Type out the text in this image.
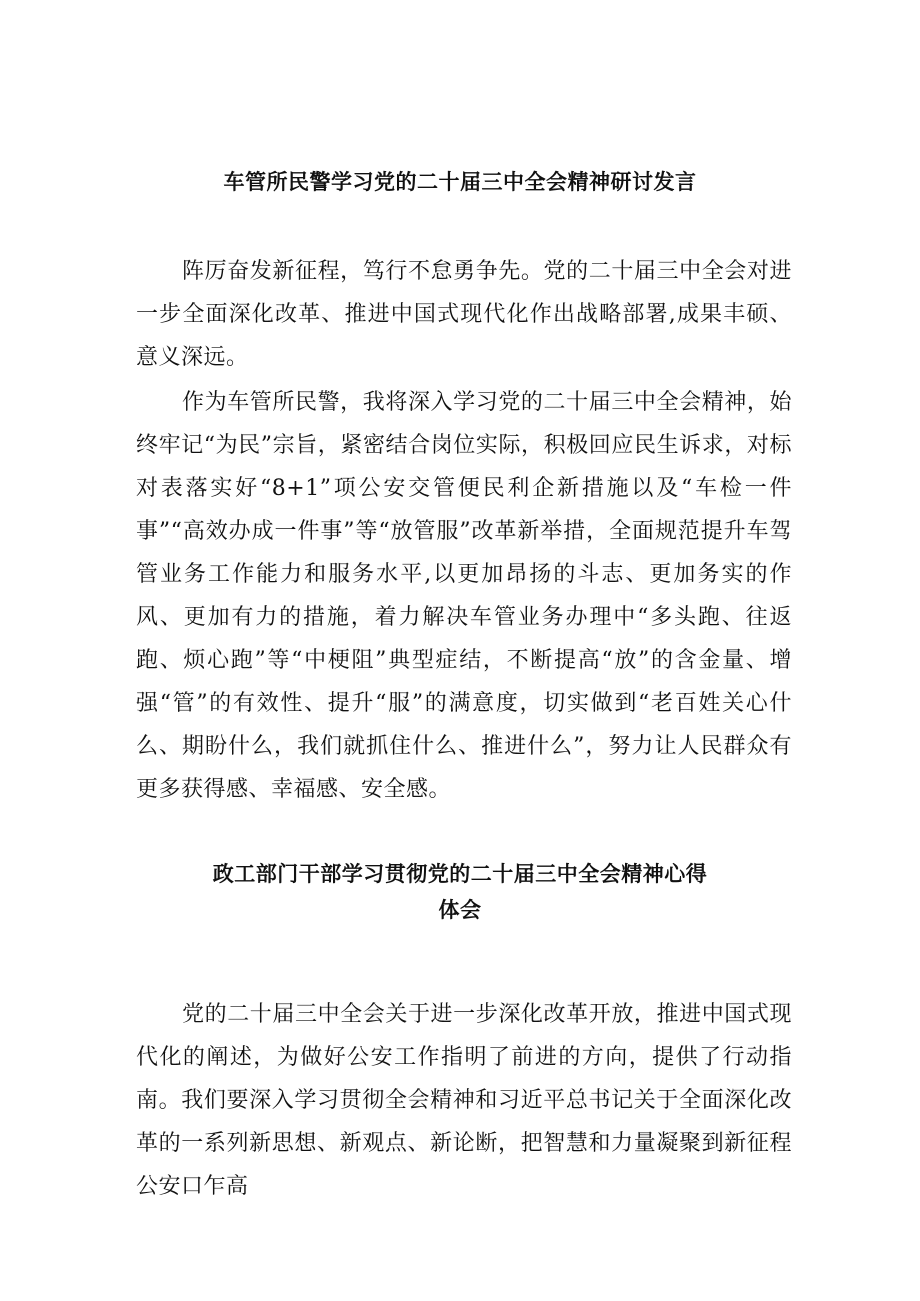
车管所民警学习党的二十届三中全会精神研讨发言

阵厉奋发新征程，笃行不怠勇争先。党的二十届三中全会对进一步全面深化改革、推进中国式现代化作出战略部署,成果丰硕、意义深远。

作为车管所民警，我将深入学习党的二十届三中全会精神，始终牢记“为民”宗旨，紧密结合岗位实际，积极回应民生诉求，对标对表落实好“8+1”项公安交管便民利企新措施以及“车检一件事”“高效办成一件事”等“放管服”改革新举措，全面规范提升车驾管业务工作能力和服务水平,以更加昂扬的斗志、更加务实的作风、更加有力的措施，着力解决车管业务办理中“多头跑、往返跑、烦心跑”等“中梗阻”典型症结，不断提高“放”的含金量、增强“管”的有效性、提升“服”的满意度，切实做到“老百姓关心什么、期盼什么，我们就抓住什么、推进什么”，努力让人民群众有更多获得感、幸福感、安全感。

政工部门干部学习贯彻党的二十届三中全会精神心得
体会

党的二十届三中全会关于进一步深化改革开放，推进中国式现代化的阐述，为做好公安工作指明了前进的方向，提供了行动指南。我们要深入学习贯彻全会精神和习近平总书记关于全面深化改革的一系列新思想、新观点、新论断，把智慧和力量凝聚到新征程公安口乍高
